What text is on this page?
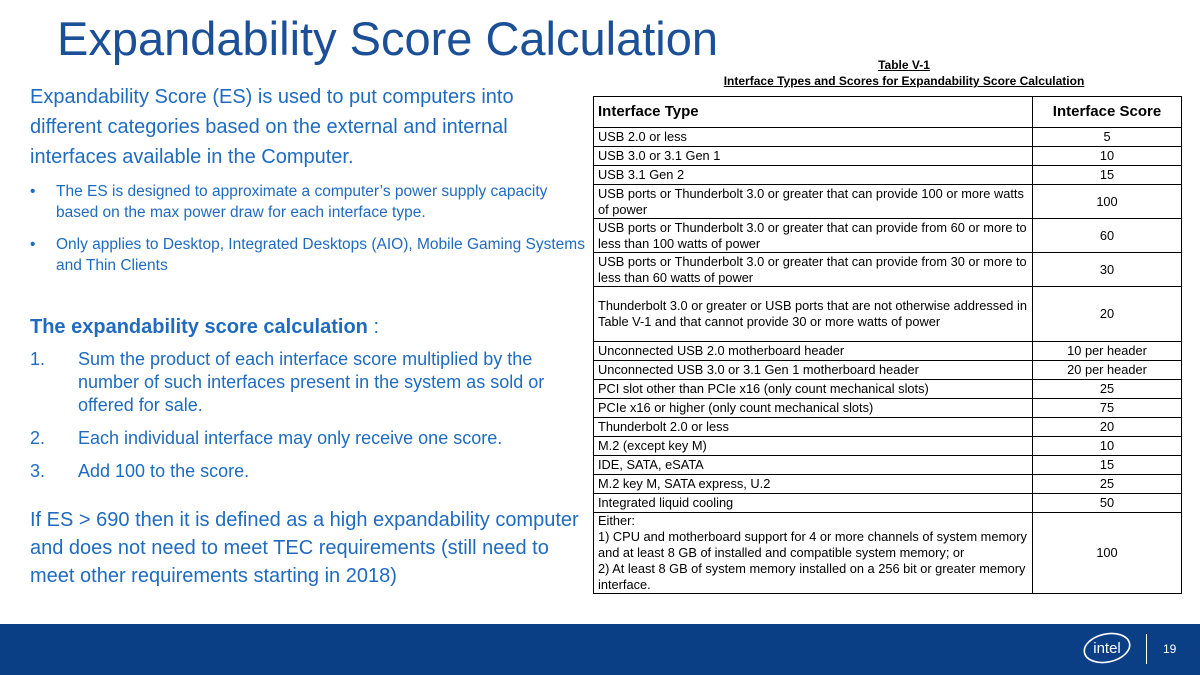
Expandability Score Calculation

Expandability Score (ES) is used to put computers into different categories based on the external and internal interfaces available in the Computer.

• The ES is designed to approximate a computer’s power supply capacity based on the max power draw for each interface type.
• Only applies to Desktop, Integrated Desktops (AIO), Mobile Gaming Systems and Thin Clients

The expandability score calculation :

1. Sum the product of each interface score multiplied by the number of such interfaces present in the system as sold or offered for sale.
2. Each individual interface may only receive one score.
3. Add 100 to the score.

If ES > 690 then it is defined as a high expandability computer and does not need to meet TEC requirements (still need to meet other requirements starting in 2018)

Table V-1
Interface Types and Scores for Expandability Score Calculation
Interface Type	Interface Score
USB 2.0 or less	5
USB 3.0 or 3.1 Gen 1	10
USB 3.1 Gen 2	15
USB ports or Thunderbolt 3.0 or greater that can provide 100 or more watts of power	100
USB ports or Thunderbolt 3.0 or greater that can provide from 60 or more to less than 100 watts of power	60
USB ports or Thunderbolt 3.0 or greater that can provide from 30 or more to less than 60 watts of power	30
Thunderbolt 3.0 or greater or USB ports that are not otherwise addressed in Table V-1 and that cannot provide 30 or more watts of power	20
Unconnected USB 2.0 motherboard header	10 per header
Unconnected USB 3.0 or 3.1 Gen 1 motherboard header	20 per header
PCI slot other than PCIe x16 (only count mechanical slots)	25
PCIe x16 or higher (only count mechanical slots)	75
Thunderbolt 2.0 or less	20
M.2 (except key M)	10
IDE, SATA, eSATA	15
M.2 key M, SATA express, U.2	25
Integrated liquid cooling	50

Either:
1) CPU and motherboard support for 4 or more channels of system memory and at least 8 GB of installed and compatible system memory; or
2) At least 8 GB of system memory installed on a 256 bit or greater memory interface.	100
intel	19
